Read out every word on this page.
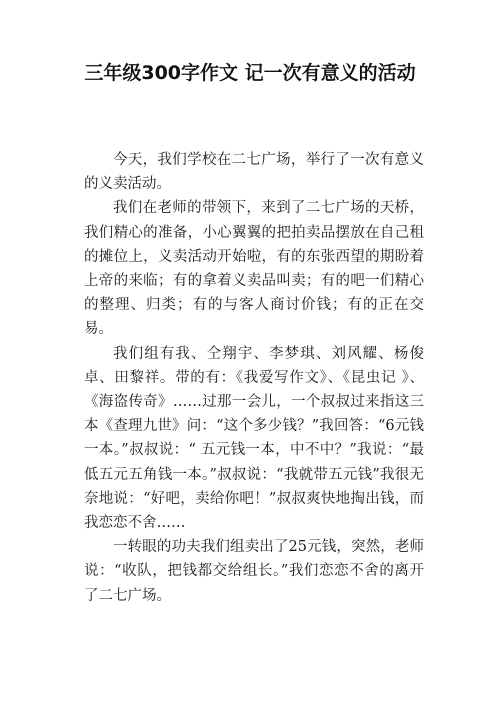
三年级300字作文 记一次有意义的活动

今天，我们学校在二七广场，举行了一次有意义的义卖活动。

我们在老师的带领下，来到了二七广场的天桥，我们精心的准备，小心翼翼的把拍卖品摆放在自己租的摊位上，义卖活动开始啦，有的东张西望的期盼着上帝的来临；有的拿着义卖品叫卖；有的吧一们精心的整理、归类；有的与客人商讨价钱；有的正在交易。

我们组有我、仝翔宇、李梦琪、刘风耀、杨俊卓、田黎祥。带的有：《我爱写作文》、《昆虫记 》、《海盗传奇》……过那一会儿，一个叔叔过来指这三本《查理九世》问：“这个多少钱？”我回答：“6元钱一本。”叔叔说：“ 五元钱一本，中不中？”我说：“最低五元五角钱一本。”叔叔说：“我就带五元钱”我很无奈地说：“好吧，卖给你吧！”叔叔爽快地掏出钱，而我恋恋不舍……

一转眼的功夫我们组卖出了25元钱，突然，老师说：“收队，把钱都交给组长。”我们恋恋不舍的离开了二七广场。
